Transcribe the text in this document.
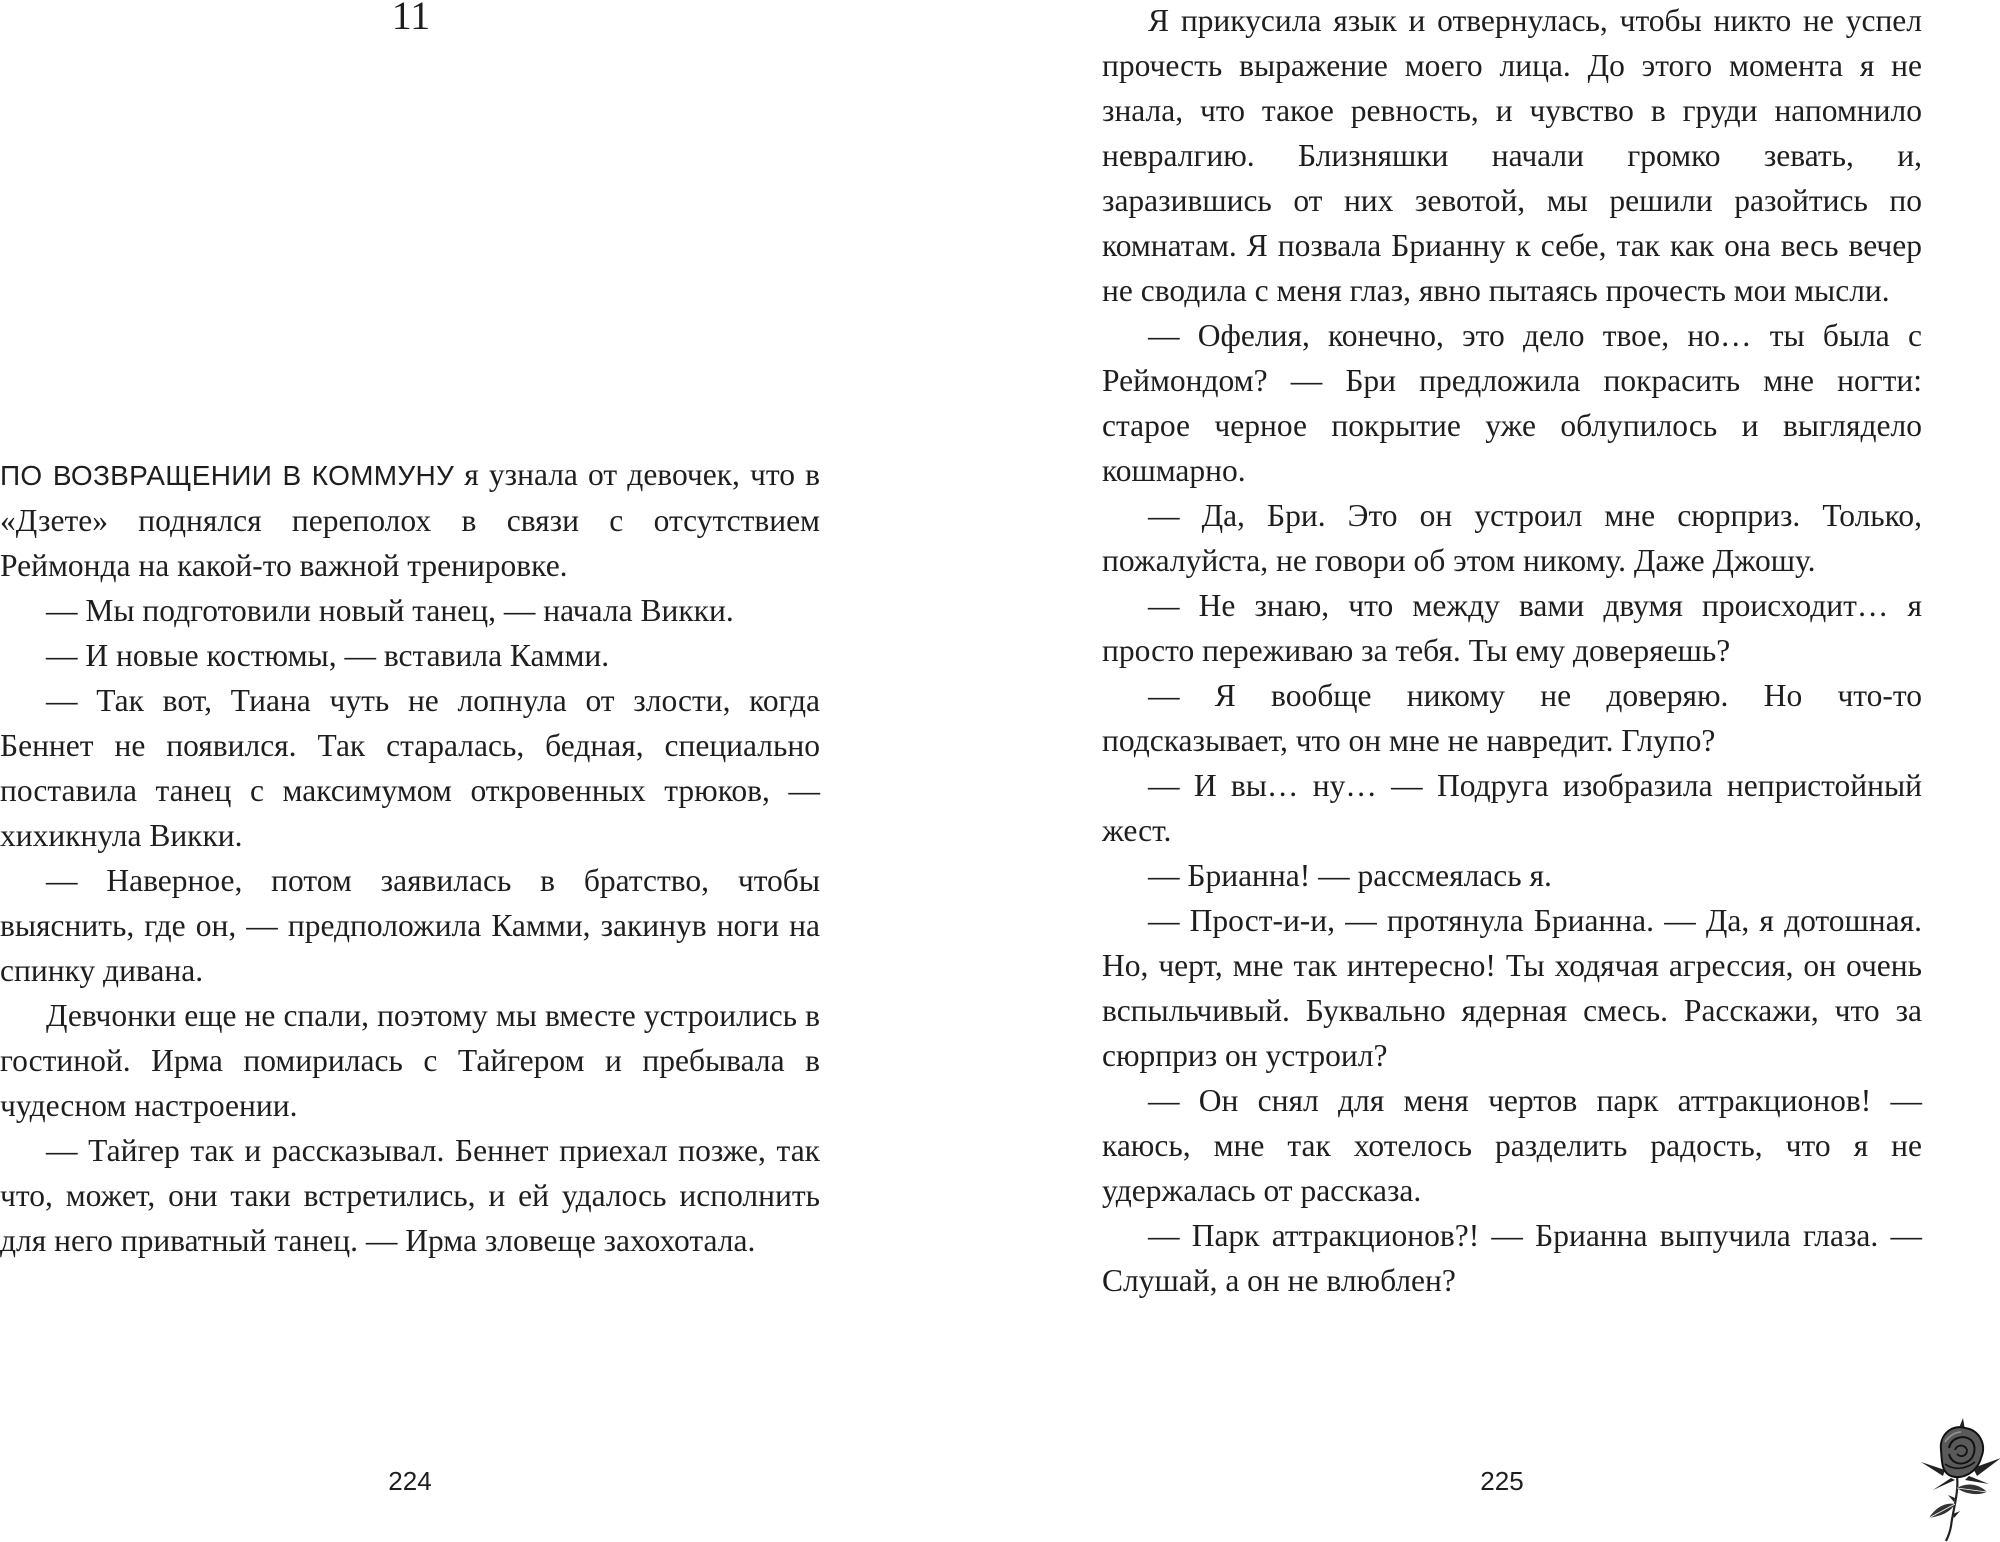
11

ПО ВОЗВРАЩЕНИИ В КОММУНУ я узнала от девочек, что в «Дзете» поднялся переполох в связи с отсутствием Реймонда на какой-то важной тренировке.

— Мы подготовили новый танец, — начала Викки.

— И новые костюмы, — вставила Камми.

— Так вот, Тиана чуть не лопнула от злости, когда Беннет не появился. Так старалась, бедная, специально поставила танец с максимумом откровенных трюков, — хихикнула Викки.

— Наверное, потом заявилась в братство, чтобы выяснить, где он, — предположила Камми, закинув ноги на спинку дивана.

Девчонки еще не спали, поэтому мы вместе устроились в гостиной. Ирма помирилась с Тайгером и пребывала в чудесном настроении.

— Тайгер так и рассказывал. Беннет приехал позже, так что, может, они таки встретились, и ей удалось исполнить для него приватный танец. — Ирма зловеще захохотала.

224

Я прикусила язык и отвернулась, чтобы никто не успел прочесть выражение моего лица. До этого момента я не знала, что такое ревность, и чувство в груди напомнило невралгию. Близняшки начали громко зевать, и, заразившись от них зевотой, мы решили разойтись по комнатам. Я позвала Брианну к себе, так как она весь вечер не сводила с меня глаз, явно пытаясь прочесть мои мысли.

— Офелия, конечно, это дело твое, но… ты была с Реймондом? — Бри предложила покрасить мне ногти: старое черное покрытие уже облупилось и выглядело кошмарно.

— Да, Бри. Это он устроил мне сюрприз. Только, пожалуйста, не говори об этом никому. Даже Джошу.

— Не знаю, что между вами двумя происходит… я просто переживаю за тебя. Ты ему доверяешь?

— Я вообще никому не доверяю. Но что-то подсказывает, что он мне не навредит. Глупо?

— И вы… ну… — Подруга изобразила непристойный жест.

— Брианна! — рассмеялась я.

— Прост-и-и, — протянула Брианна. — Да, я дотошная. Но, черт, мне так интересно! Ты ходячая агрессия, он очень вспыльчивый. Буквально ядерная смесь. Расскажи, что за сюрприз он устроил?

— Он снял для меня чертов парк аттракционов! — каюсь, мне так хотелось разделить радость, что я не удержалась от рассказа.

— Парк аттракционов?! — Брианна выпучила глаза. — Слушай, а он не влюблен?

225
